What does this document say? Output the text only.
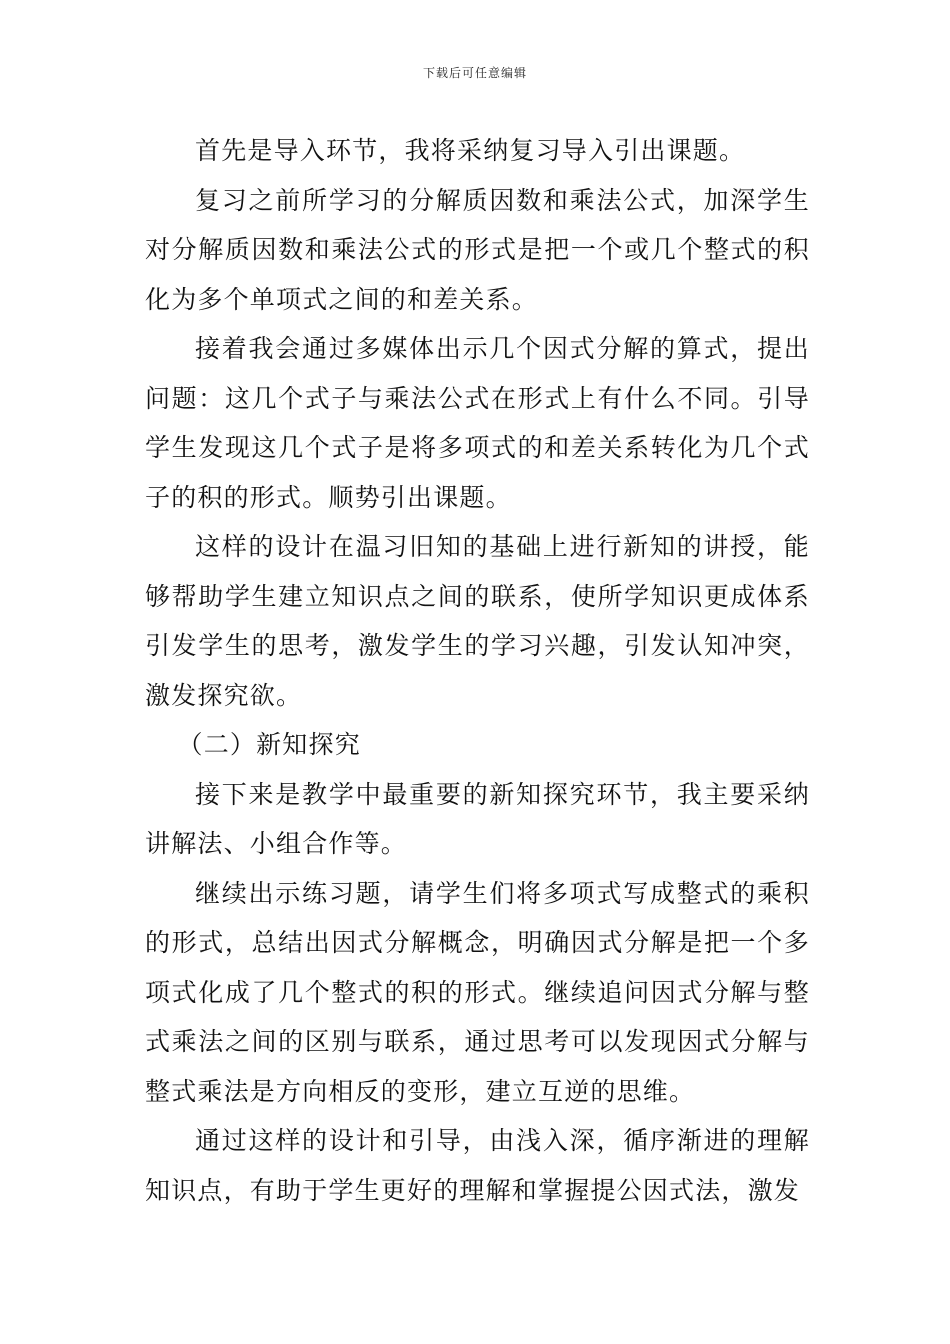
下载后可任意编辑

首先是导入环节，我将采纳复习导入引出课题。

复习之前所学习的分解质因数和乘法公式，加深学生对分解质因数和乘法公式的形式是把一个或几个整式的积化为多个单项式之间的和差关系。

接着我会通过多媒体出示几个因式分解的算式，提出问题：这几个式子与乘法公式在形式上有什么不同。引导学生发现这几个式子是将多项式的和差关系转化为几个式子的积的形式。顺势引出课题。

这样的设计在温习旧知的基础上进行新知的讲授，能够帮助学生建立知识点之间的联系，使所学知识更成体系引发学生的思考，激发学生的学习兴趣，引发认知冲突，激发探究欲。

（二）新知探究

接下来是教学中最重要的新知探究环节，我主要采纳讲解法、小组合作等。

继续出示练习题，请学生们将多项式写成整式的乘积的形式，总结出因式分解概念，明确因式分解是把一个多项式化成了几个整式的积的形式。继续追问因式分解与整式乘法之间的区别与联系，通过思考可以发现因式分解与整式乘法是方向相反的变形，建立互逆的思维。

通过这样的设计和引导，由浅入深，循序渐进的理解知识点，有助于学生更好的理解和掌握提公因式法，激发
